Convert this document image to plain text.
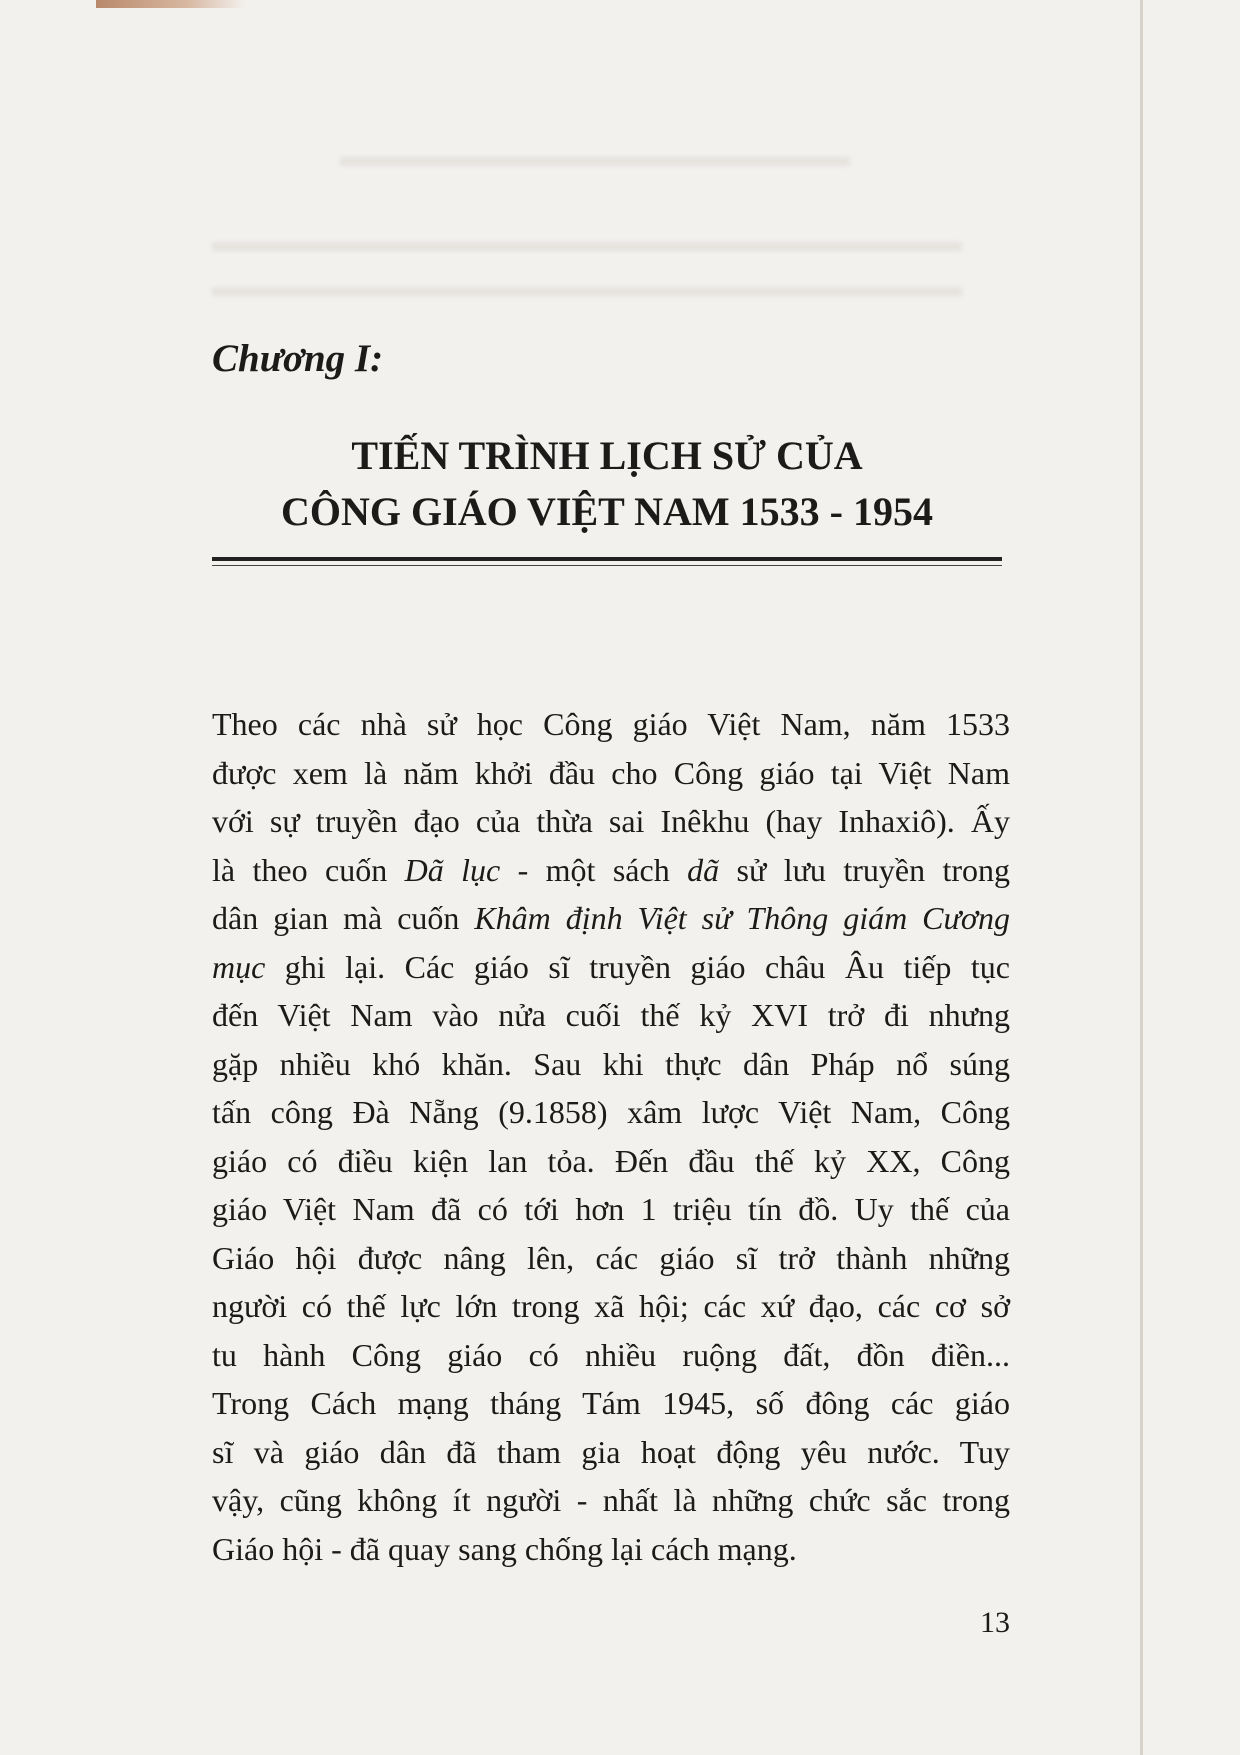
▬▬▬▬▬▬▬▬▬▬▬▬▬▬▬▬▬
▬▬▬▬▬▬▬▬▬▬▬▬▬▬▬▬▬▬▬▬▬▬▬▬▬
▬▬▬▬▬▬▬▬▬▬▬▬▬▬▬▬▬▬▬▬▬▬▬▬▬
Chương I:
TIẾN TRÌNH LỊCH SỬ CỦA
CÔNG GIÁO VIỆT NAM 1533 - 1954

Theo các nhà sử học Công giáo Việt Nam, năm 1533
được xem là năm khởi đầu cho Công giáo tại Việt Nam
với sự truyền đạo của thừa sai Inêkhu (hay Inhaxiô). Ấy
là theo cuốn Dã lục - một sách dã sử lưu truyền trong
dân gian mà cuốn Khâm định Việt sử Thông giám Cương
mục ghi lại. Các giáo sĩ truyền giáo châu Âu tiếp tục
đến Việt Nam vào nửa cuối thế kỷ XVI trở đi nhưng
gặp nhiều khó khăn. Sau khi thực dân Pháp nổ súng
tấn công Đà Nẵng (9.1858) xâm lược Việt Nam, Công
giáo có điều kiện lan tỏa. Đến đầu thế kỷ XX, Công
giáo Việt Nam đã có tới hơn 1 triệu tín đồ. Uy thế của
Giáo hội được nâng lên, các giáo sĩ trở thành những
người có thế lực lớn trong xã hội; các xứ đạo, các cơ sở
tu hành Công giáo có nhiều ruộng đất, đồn điền...
Trong Cách mạng tháng Tám 1945, số đông các giáo
sĩ và giáo dân đã tham gia hoạt động yêu nước. Tuy
vậy, cũng không ít người - nhất là những chức sắc trong
Giáo hội - đã quay sang chống lại cách mạng.

13
